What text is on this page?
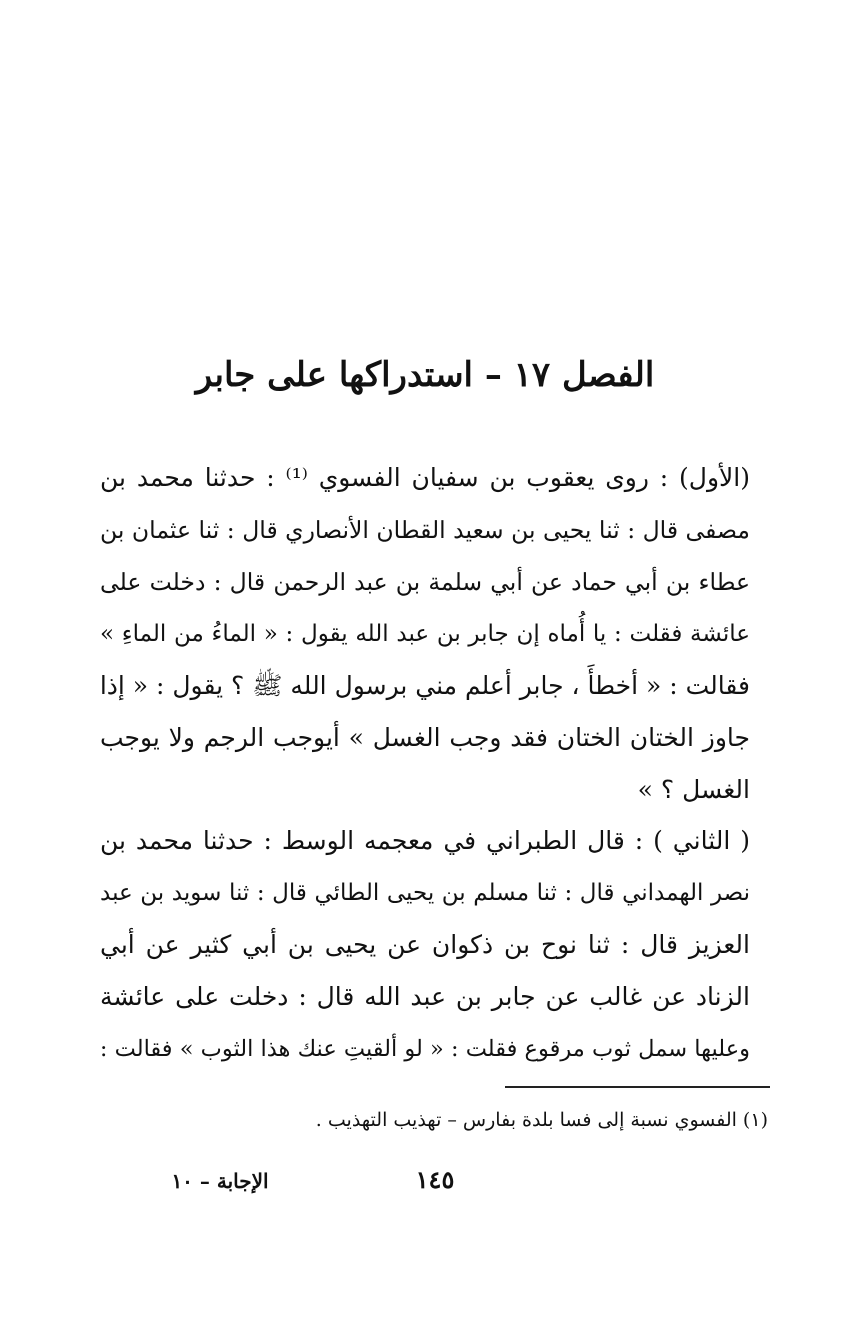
الفصل ١٧ – استدراكها على جابر
(الأول) : روى يعقوب بن سفيان الفسوي ⁽¹⁾ : حدثنا محمد بن
مصفى قال : ثنا يحيى بن سعيد القطان الأنصاري قال : ثنا عثمان بن
عطاء بن أبي حماد عن أبي سلمة بن عبد الرحمن قال : دخلت على
عائشة فقلت : يا أُماه إن جابر بن عبد الله يقول : « الماءُ من الماءِ »
فقالت : « أخطأَ ، جابر أعلم مني برسول الله ﷺ ؟ يقول : « إذا
جاوز الختان الختان فقد وجب الغسل » أيوجب الرجم ولا يوجب
الغسل ؟ »
( الثاني ) : قال الطبراني في معجمه الوسط : حدثنا محمد بن
نصر الهمداني قال : ثنا مسلم بن يحيى الطائي قال : ثنا سويد بن عبد
العزيز قال : ثنا نوح بن ذكوان عن يحيى بن أبي كثير عن أبي
الزناد عن غالب عن جابر بن عبد الله قال : دخلت على عائشة
وعليها سمل ثوب مرقوع فقلت : « لو ألقيتِ عنك هذا الثوب » فقالت :
(١) الفسوي نسبة إلى فسا بلدة بفارس – تهذيب التهذيب .
١٤٥
الإجابة – ١٠
